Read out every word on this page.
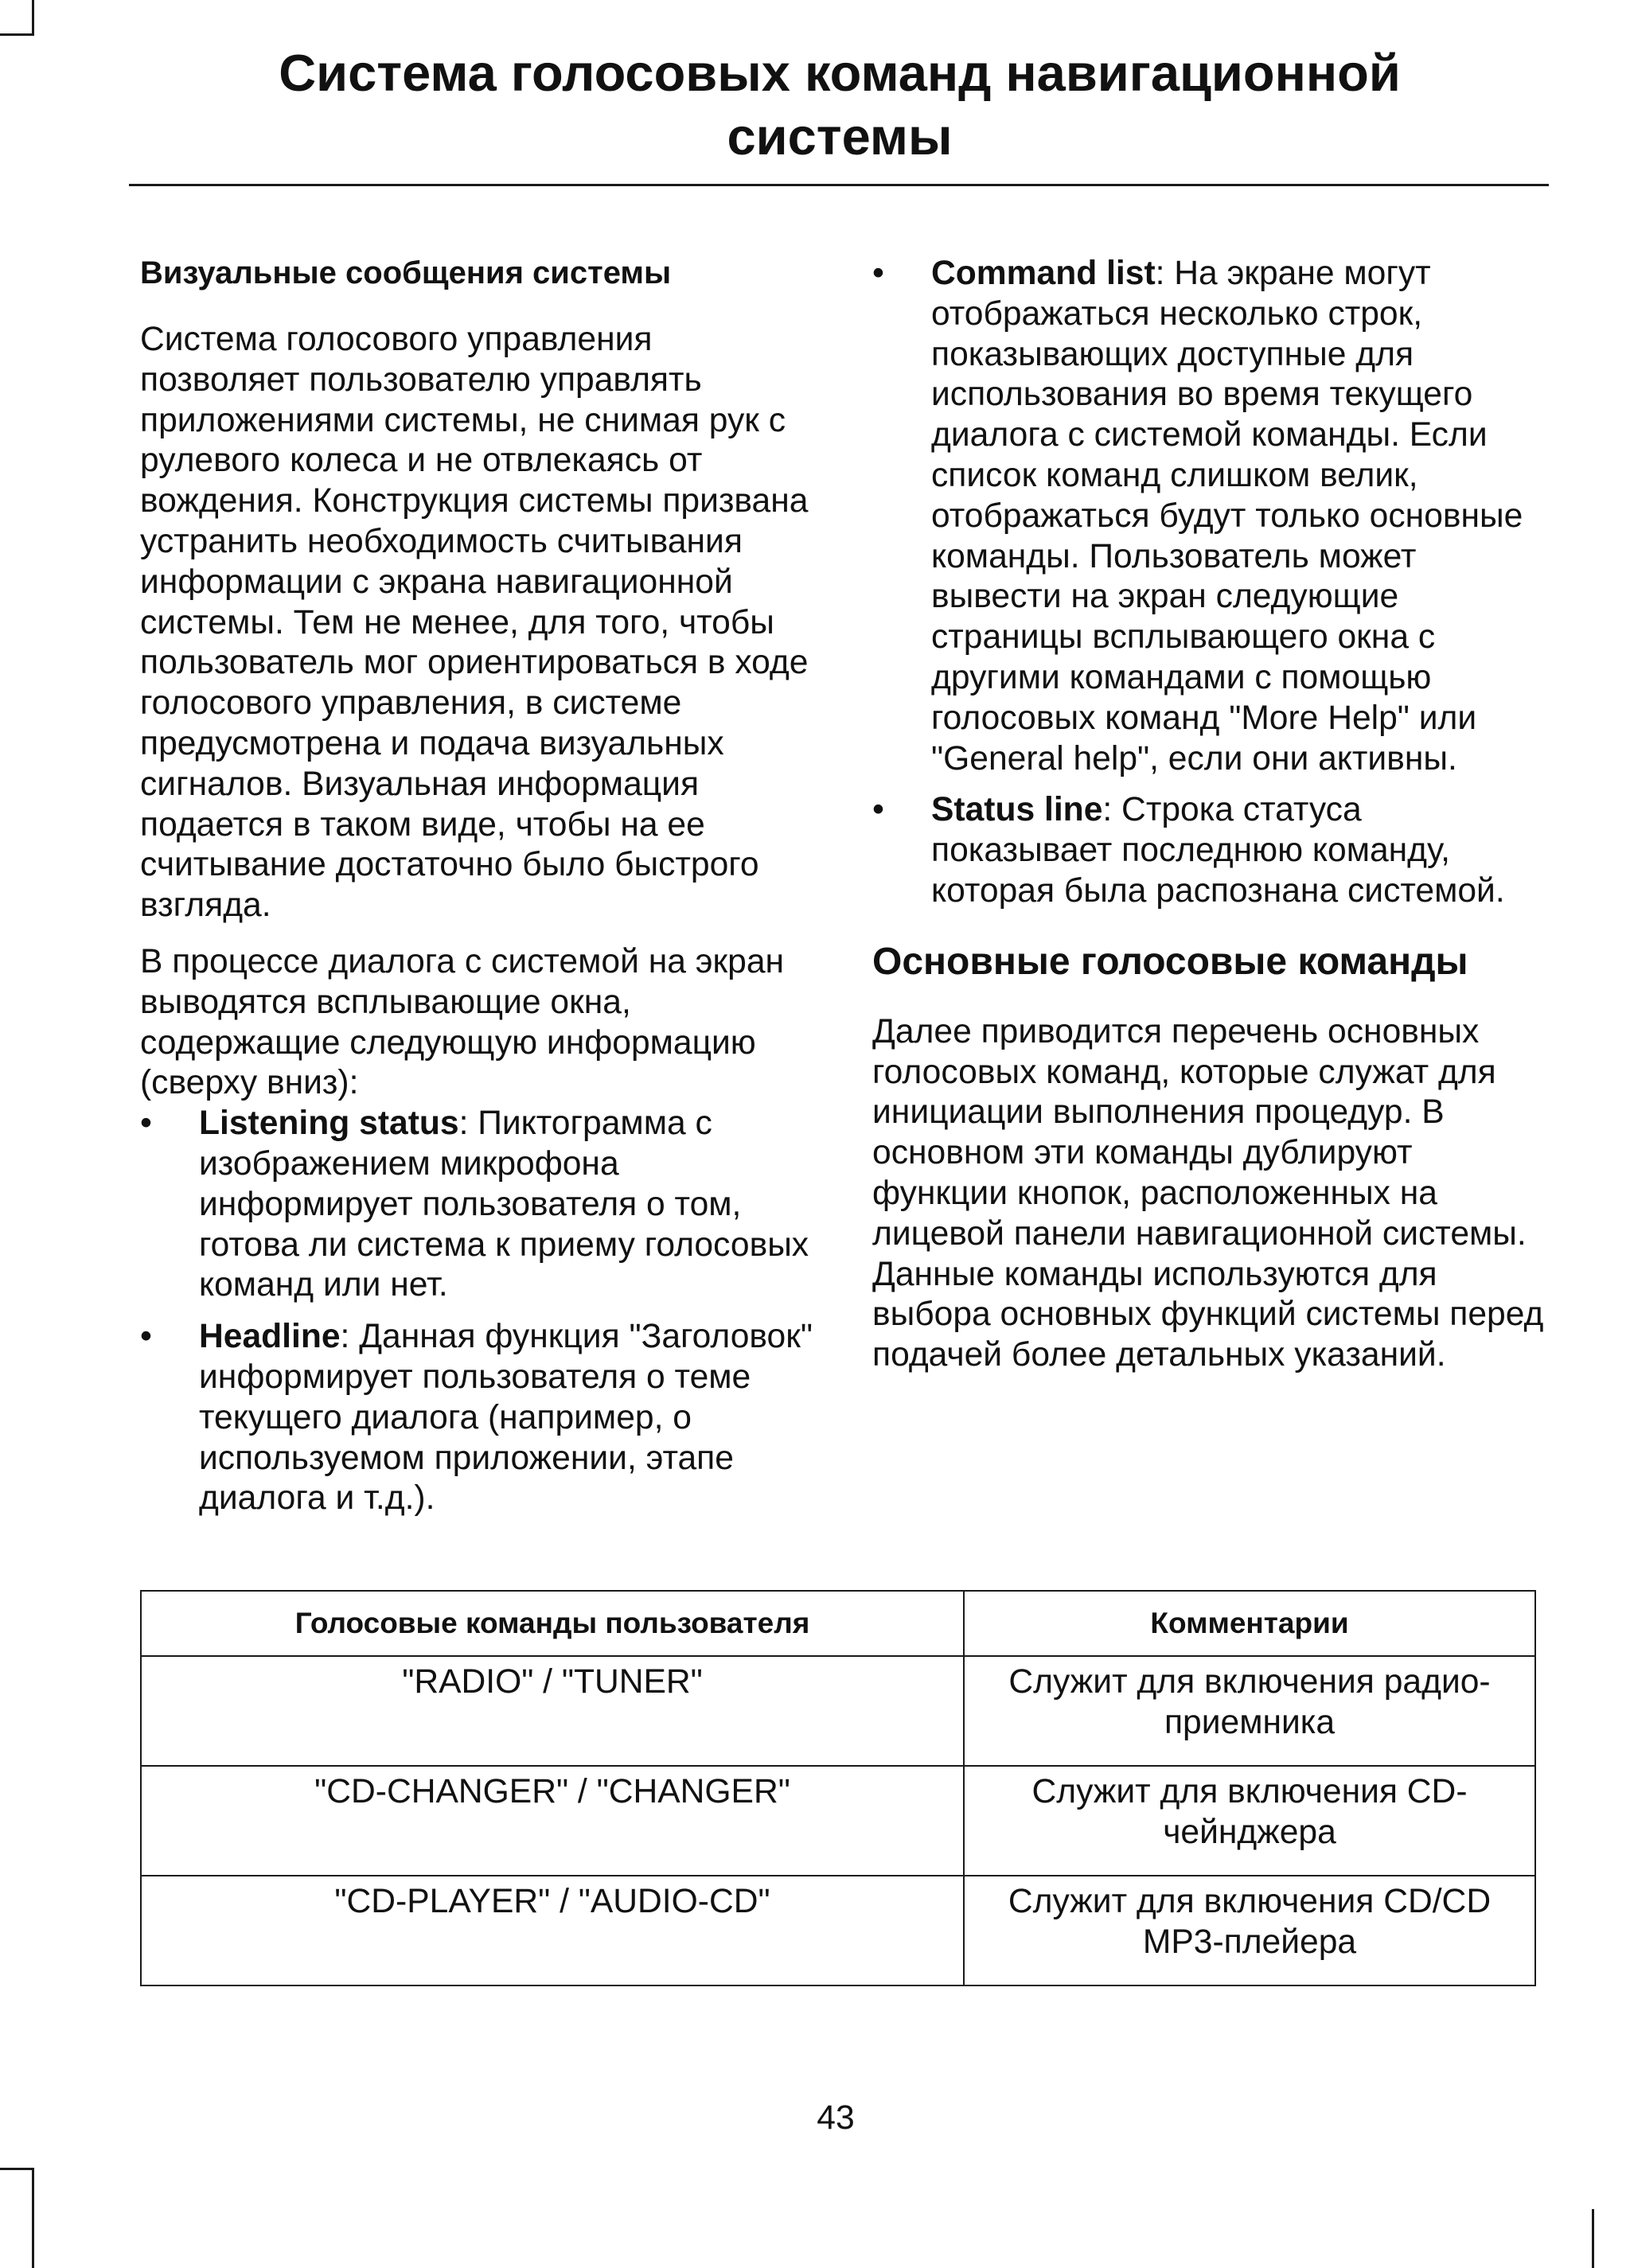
Система голосовых команд навигационной
системы

Визуальные сообщения системы

Система голосового управления позволяет пользователю управлять приложениями системы, не снимая рук с рулевого колеса и не отвлекаясь от вождения. Конструкция системы призвана устранить необходимость считывания информации с экрана навигационной системы. Тем не менее, для того, чтобы пользователь мог ориентироваться в ходе голосового управления, в системе предусмотрена и подача визуальных сигналов. Визуальная информация подается в таком виде, чтобы на ее считывание достаточно было быстрого взгляда.

В процессе диалога с системой на экран выводятся всплывающие окна, содержащие следующую информацию (сверху вниз):

• Listening status: Пиктограмма с изображением микрофона информирует пользователя о том, готова ли система к приему голосовых команд или нет.
• Headline: Данная функция "Заголовок" информирует пользователя о теме текущего диалога (например, о используемом приложении, этапе диалога и т.д.).
• Command list: На экране могут отображаться несколько строк, показывающих доступные для использования во время текущего диалога с системой команды. Если список команд слишком велик, отображаться будут только основные команды. Пользователь может вывести на экран следующие страницы всплывающего окна с другими командами с помощью голосовых команд "More Help" или "General help", если они активны.
• Status line: Строка статуса показывает последнюю команду, которая была распознана системой.
Основные голосовые команды

Далее приводится перечень основных голосовых команд, которые служат для инициации выполнения процедур. В основном эти команды дублируют функции кнопок, расположенных на лицевой панели навигационной системы. Данные команды используются для выбора основных функций системы перед подачей более детальных указаний.

Голосовые команды пользователя	Комментарии
"RADIO" / "TUNER"	Служит для включения радио-приемника
"CD-CHANGER" / "CHANGER"	Служит для включения CD-чейнджера
"CD-PLAYER" / "AUDIO-CD"	Служит для включения CD/CD MP3-плейера
43
